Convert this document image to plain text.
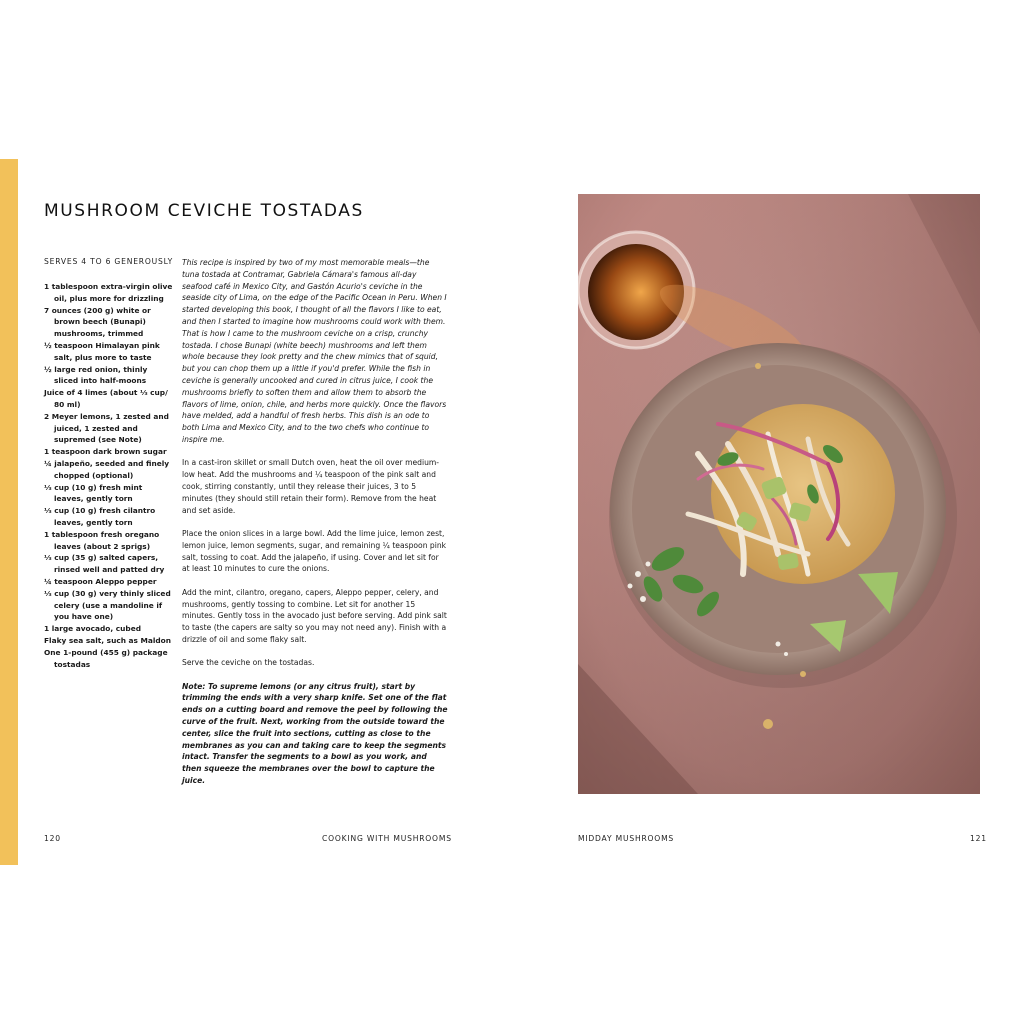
MUSHROOM CEVICHE TOSTADAS
SERVES 4 TO 6 GENEROUSLY
1 tablespoon extra-virgin olive oil, plus more for drizzling
7 ounces (200 g) white or brown beech (Bunapi) mushrooms, trimmed
½ teaspoon Himalayan pink salt, plus more to taste
½ large red onion, thinly sliced into half-moons
Juice of 4 limes (about ⅓ cup/ 80 ml)
2 Meyer lemons, 1 zested and juiced, 1 zested and supremed (see Note)
1 teaspoon dark brown sugar
¼ jalapeño, seeded and finely chopped (optional)
⅓ cup (10 g) fresh mint leaves, gently torn
⅓ cup (10 g) fresh cilantro leaves, gently torn
1 tablespoon fresh oregano leaves (about 2 sprigs)
⅓ cup (35 g) salted capers, rinsed well and patted dry
¼ teaspoon Aleppo pepper
⅓ cup (30 g) very thinly sliced celery (use a mandoline if you have one)
1 large avocado, cubed
Flaky sea salt, such as Maldon
One 1-pound (455 g) package tostadas

This recipe is inspired by two of my most memorable meals—the tuna tostada at Contramar, Gabriela Cámara's famous all-day seafood café in Mexico City, and Gastón Acurio's ceviche in the seaside city of Lima, on the edge of the Pacific Ocean in Peru. When I started developing this book, I thought of all the flavors I like to eat, and then I started to imagine how mushrooms could work with them. That is how I came to the mushroom ceviche on a crisp, crunchy tostada. I chose Bunapi (white beech) mushrooms and left them whole because they look pretty and the chew mimics that of squid, but you can chop them up a little if you'd prefer. While the fish in ceviche is generally uncooked and cured in citrus juice, I cook the mushrooms briefly to soften them and allow them to absorb the flavors of lime, onion, chile, and herbs more quickly. Once the flavors have melded, add a handful of fresh herbs. This dish is an ode to both Lima and Mexico City, and to the two chefs who continue to inspire me.

In a cast-iron skillet or small Dutch oven, heat the oil over medium-low heat. Add the mushrooms and ¼ teaspoon of the pink salt and cook, stirring constantly, until they release their juices, 3 to 5 minutes (they should still retain their form). Remove from the heat and set aside.

Place the onion slices in a large bowl. Add the lime juice, lemon zest, lemon juice, lemon segments, sugar, and remaining ¼ teaspoon pink salt, tossing to coat. Add the jalapeño, if using. Cover and let sit for at least 10 minutes to cure the onions.

Add the mint, cilantro, oregano, capers, Aleppo pepper, celery, and mushrooms, gently tossing to combine. Let sit for another 15 minutes. Gently toss in the avocado just before serving. Add pink salt to taste (the capers are salty so you may not need any). Finish with a drizzle of oil and some flaky salt.

Serve the ceviche on the tostadas.

Note: To supreme lemons (or any citrus fruit), start by trimming the ends with a very sharp knife. Set one of the flat ends on a cutting board and remove the peel by following the curve of the fruit. Next, working from the outside toward the center, slice the fruit into sections, cutting as close to the membranes as you can and taking care to keep the segments intact. Transfer the segments to a bowl as you work, and then squeeze the membranes over the bowl to capture the juice.

120	COOKING WITH MUSHROOMS	MIDDAY MUSHROOMS	121
